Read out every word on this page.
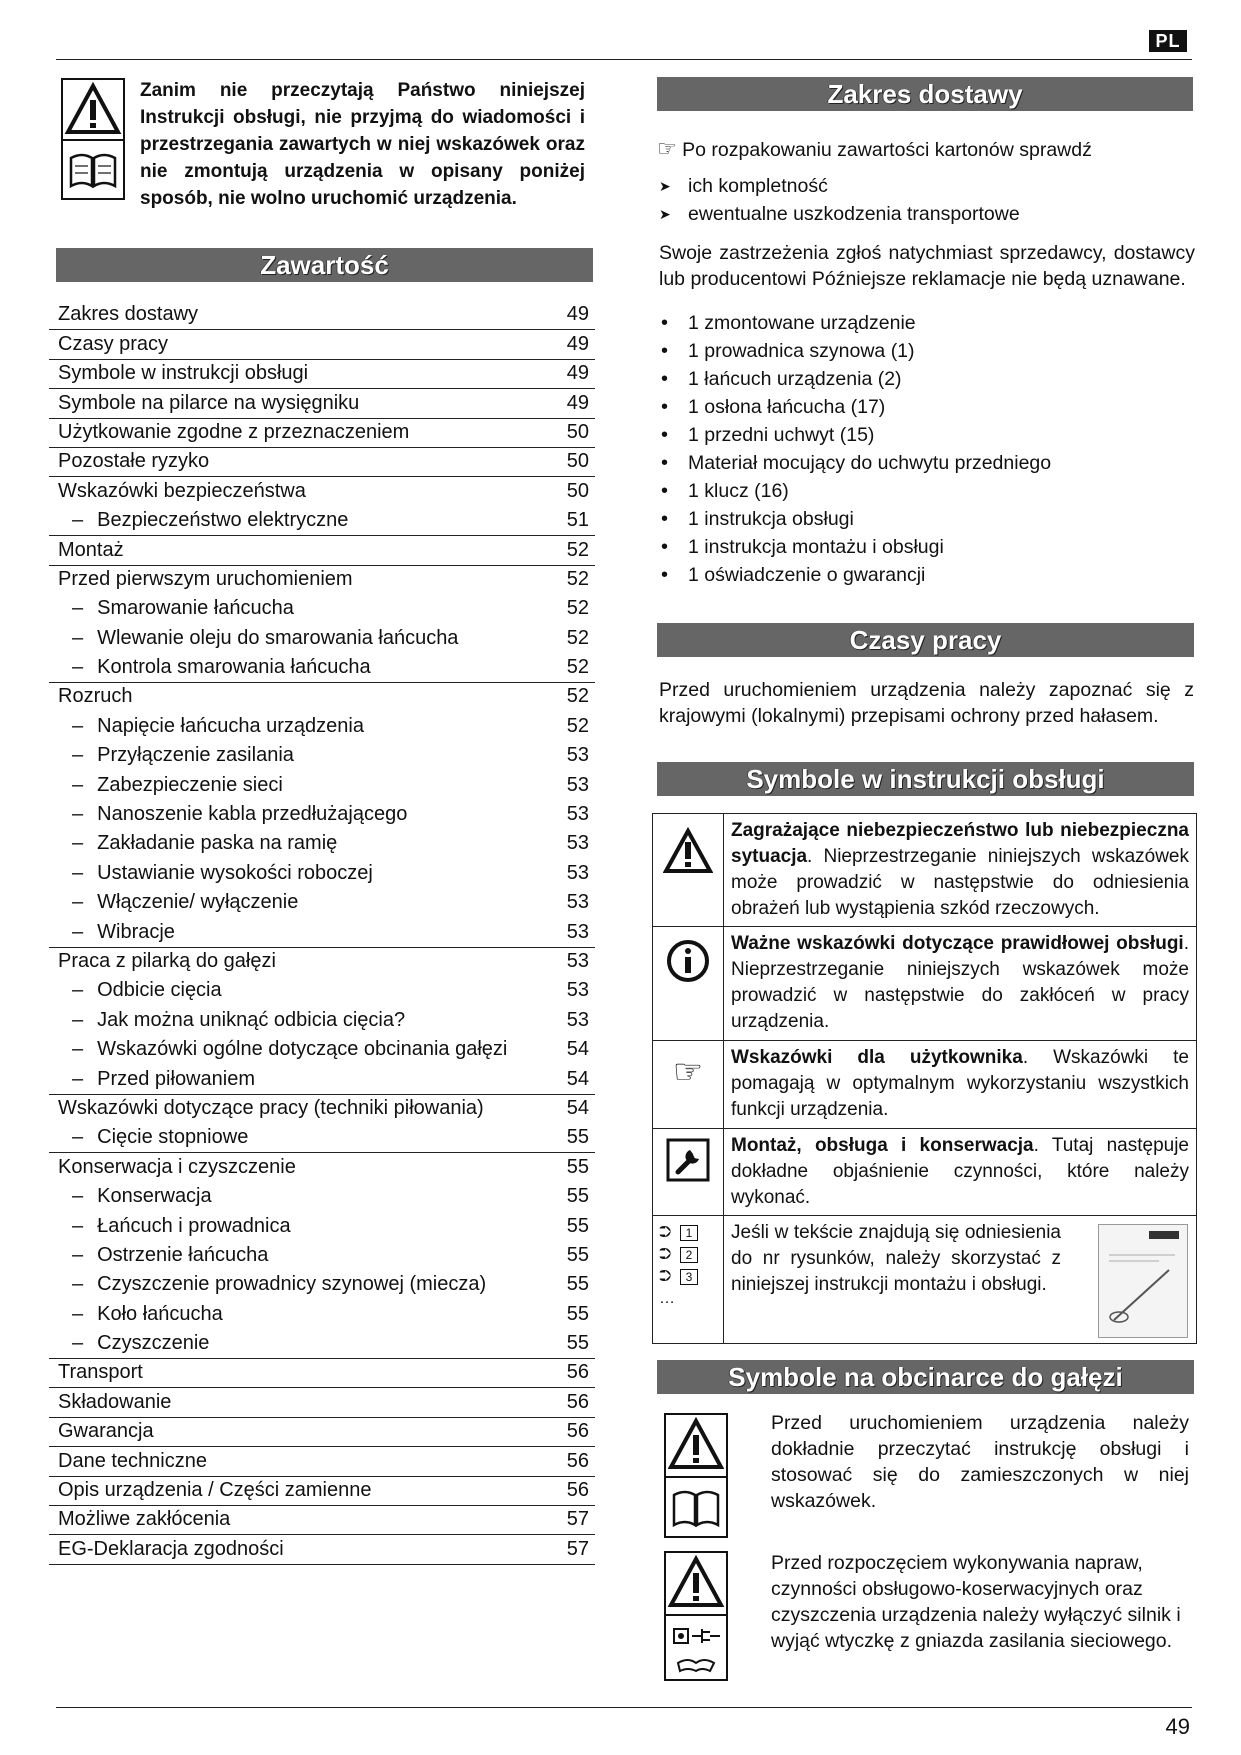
PL
Zanim nie przeczytają Państwo niniejszej Instrukcji obsługi, nie przyjmą do wiadomości i przestrzegania zawartych w niej wskazówek oraz nie zmontują urządzenia w opisany poniżej sposób, nie wolno uruchomić urządzenia.
Zawartość
Zakres dostawy	49
Czasy pracy	49
Symbole w instrukcji obsługi	49
Symbole na pilarce na wysięgniku	49
Użytkowanie zgodne z przeznaczeniem	50
Pozostałe ryzyko	50
Wskazówki bezpieczeństwa	50
– Bezpieczeństwo elektryczne	51
Montaż	52
Przed pierwszym uruchomieniem	52
– Smarowanie łańcucha	52
– Wlewanie oleju do smarowania łańcucha	52
– Kontrola smarowania łańcucha	52
Rozruch	52
– Napięcie łańcucha urządzenia	52
– Przyłączenie zasilania	53
– Zabezpieczenie sieci	53
– Nanoszenie kabla przedłużającego	53
– Zakładanie paska na ramię	53
– Ustawianie wysokości roboczej	53
– Włączenie/ wyłączenie	53
– Wibracje	53
Praca z pilarką do gałęzi	53
– Odbicie cięcia	53
– Jak można uniknąć odbicia cięcia?	53
– Wskazówki ogólne dotyczące obcinania gałęzi	54
– Przed piłowaniem	54
Wskazówki dotyczące pracy (techniki piłowania)	54
– Cięcie stopniowe	55
Konserwacja i czyszczenie	55
– Konserwacja	55
– Łańcuch i prowadnica	55
– Ostrzenie łańcucha	55
– Czyszczenie prowadnicy szynowej (miecza)	55
– Koło łańcucha	55
– Czyszczenie	55
Transport	56
Składowanie	56
Gwarancja	56
Dane techniczne	56
Opis urządzenia / Części zamienne	56
Możliwe zakłócenia	57
EG-Deklaracja zgodności	57
Zakres dostawy
☞ Po rozpakowaniu zawartości kartonów sprawdź
➤ ich kompletność
➤ ewentualne uszkodzenia transportowe
Swoje zastrzeżenia zgłoś natychmiast sprzedawcy, dostawcy lub producentowi Późniejsze reklamacje nie będą uznawane.
• 1 zmontowane urządzenie
• 1 prowadnica szynowa (1)
• 1 łańcuch urządzenia (2)
• 1 osłona łańcucha (17)
• 1 przedni uchwyt (15)
• Materiał mocujący do uchwytu przedniego
• 1 klucz (16)
• 1 instrukcja obsługi
• 1 instrukcja montażu i obsługi
• 1 oświadczenie o gwarancji
Czasy pracy
Przed uruchomieniem urządzenia należy zapoznać się z krajowymi (lokalnymi) przepisami ochrony przed hałasem.
Symbole w instrukcji obsługi
	Zagrażające niebezpieczeństwo lub niebezpieczna sytuacja. Nieprzestrzeganie niniejszych wskazówek może prowadzić w następstwie do odniesienia obrażeń lub wystąpienia szkód rzeczowych.
	Ważne wskazówki dotyczące prawidłowej obsługi. Nieprzestrzeganie niniejszych wskazówek może prowadzić w następstwie do zakłóceń w pracy urządzenia.

☞	Wskazówki dla użytkownika. Wskazówki te pomagają w optymalnym wykorzystaniu wszystkich funkcji urządzenia.
	Montaż, obsługa i konserwacja. Tutaj następuje dokładne objaśnienie czynności, które należy wykonać.

⮊ 1
⮊ 2
⮊ 3
…	Jeśli w tekście znajdują się odniesienia do nr rysunków, należy skorzystać z niniejszej instrukcji montażu i obsługi.
Symbole na obcinarce do gałęzi
Przed uruchomieniem urządzenia należy dokładnie przeczytać instrukcję obsługi i stosować się do zamieszczonych w niej wskazówek.
Przed rozpoczęciem wykonywania napraw, czynności obsługowo-koserwacyjnych oraz czyszczenia urządzenia należy wyłączyć silnik i wyjąć wtyczkę z gniazda zasilania sieciowego.
49
